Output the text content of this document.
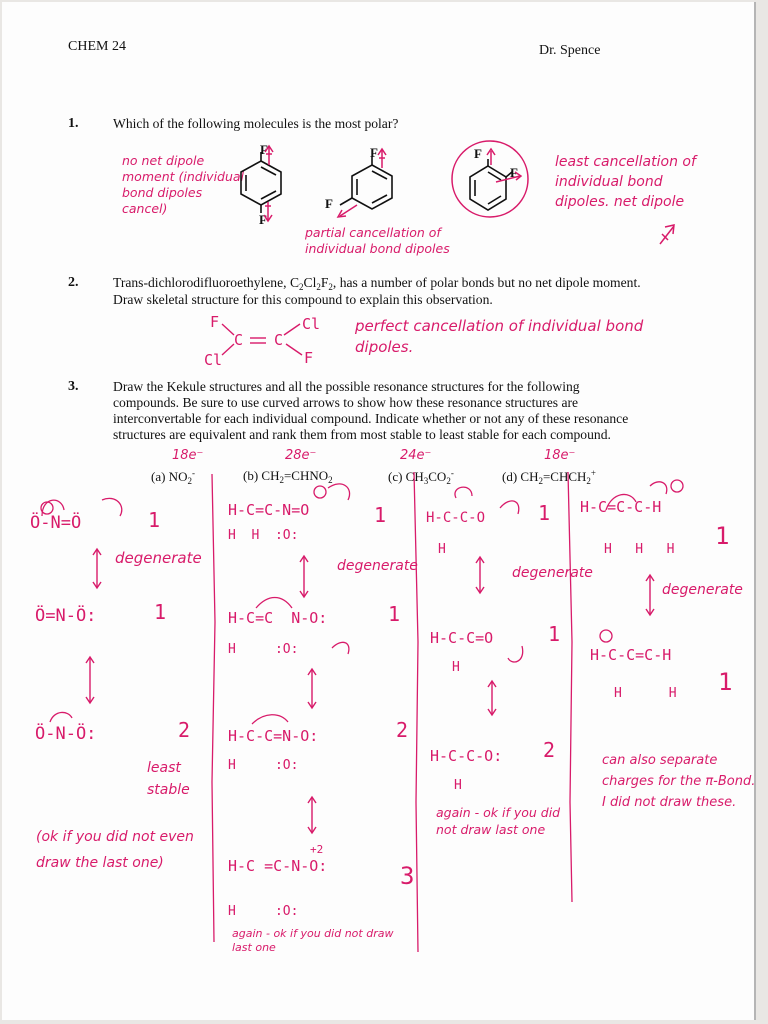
CHEM 24	Dr. Spence
1.	Which of the following molecules is the most polar?
F
F
F
F
F
F
no net dipole moment (individual bond dipoles cancel)
partial cancellation of individual bond dipoles
least cancellation of individual bond dipoles. net dipole
2.	Trans-dichlorodifluoroethylene, $C_2Cl_2F_2$, has a number of polar bonds but no net dipole moment.
Draw skeletal structure for this compound to explain this observation.
F	Cl
C C
Cl	F
perfect cancellation of individual bond dipoles.
3.	Draw the Kekule structures and all the possible resonance structures for the following
compounds. Be sure to use curved arrows to show how these resonance structures are
interconvertable for each individual compound. Indicate whether or not any of these resonance
structures are equivalent and rank them from most stable to least stable for each compound.
18e⁻	28e⁻	24e⁻	18e⁻
(a) $NO_2^-$	(b) $CH_2=CHNO_2$	(c) $CH_3CO_2^-$	(d) $CH_2=CHCH_2^+$
Ö-N=Ö	1
degenerate
Ö=N-Ö:	1
Ö-N-Ö:	2
least stable
(ok if you did not even draw the last one)
H-C=C-N=O
H  H  :O:
1
degenerate
H-C=C  N-O:
H     :O:
1
H-C-C=N-O:
H     :O:
2
+2
H-C =C-N-O:
H     :O:
3
again - ok if you did not draw last one
H-C-C-O
H
1
degenerate
H-C-C=O
H
1
H-C-C-O:
H
2
again - ok if you did not draw last one
H-C=C-C-H
H   H   H 1
degenerate
H-C-C=C-H
H      H 1
can also separate charges for the π-Bond. I did not draw these.
